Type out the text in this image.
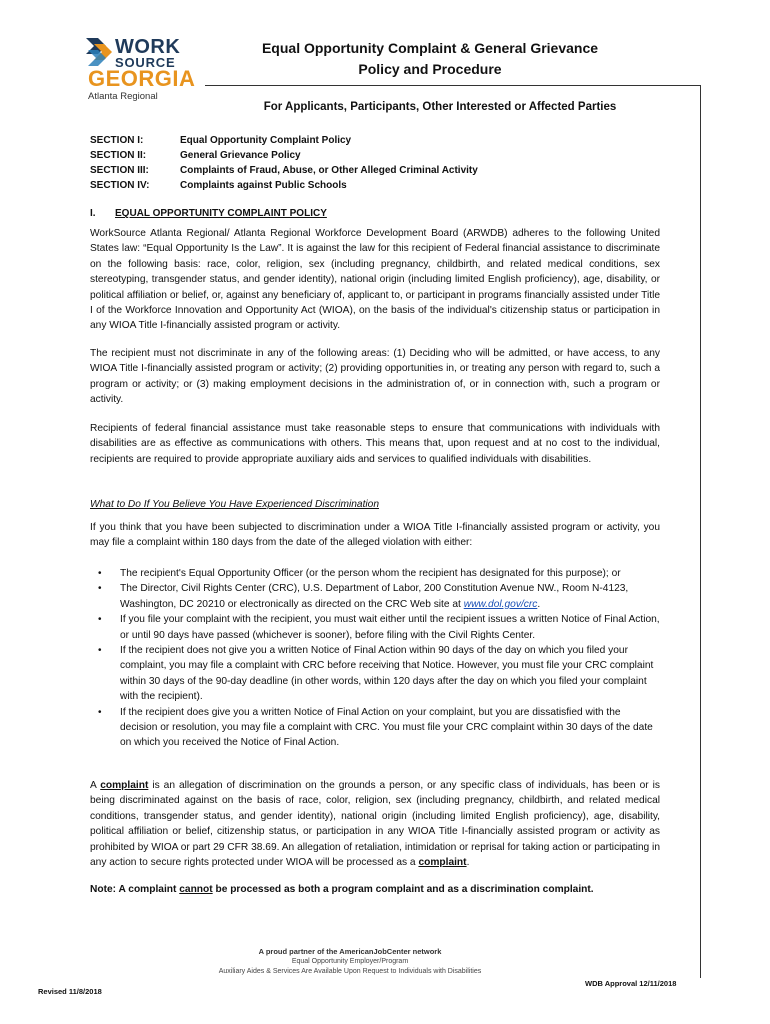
WORK
SOURCE
GEORGIA
Atlanta Regional
Equal Opportunity Complaint & General Grievance
Policy and Procedure
For Applicants, Participants, Other Interested or Affected Parties
SECTION I:	Equal Opportunity Complaint Policy
SECTION II:	General Grievance Policy
SECTION III:	Complaints of Fraud, Abuse, or Other Alleged Criminal Activity
SECTION IV:	Complaints against Public Schools
I. EQUAL OPPORTUNITY COMPLAINT POLICY
WorkSource Atlanta Regional/ Atlanta Regional Workforce Development Board (ARWDB) adheres to the following United States law: “Equal Opportunity Is the Law”. It is against the law for this recipient of Federal financial assistance to discriminate on the following basis: race, color, religion, sex (including pregnancy, childbirth, and related medical conditions, sex stereotyping, transgender status, and gender identity), national origin (including limited English proficiency), age, disability, or political affiliation or belief, or, against any beneficiary of, applicant to, or participant in programs financially assisted under Title I of the Workforce Innovation and Opportunity Act (WIOA), on the basis of the individual's citizenship status or participation in any WIOA Title I-financially assisted program or activity.
The recipient must not discriminate in any of the following areas: (1) Deciding who will be admitted, or have access, to any WIOA Title I-financially assisted program or activity; (2) providing opportunities in, or treating any person with regard to, such a program or activity; or (3) making employment decisions in the administration of, or in connection with, such a program or activity.
Recipients of federal financial assistance must take reasonable steps to ensure that communications with individuals with disabilities are as effective as communications with others. This means that, upon request and at no cost to the individual, recipients are required to provide appropriate auxiliary aids and services to qualified individuals with disabilities.
What to Do If You Believe You Have Experienced Discrimination
If you think that you have been subjected to discrimination under a WIOA Title I-financially assisted program or activity, you may file a complaint within 180 days from the date of the alleged violation with either:
•	The recipient's Equal Opportunity Officer (or the person whom the recipient has designated for this purpose); or
•	The Director, Civil Rights Center (CRC), U.S. Department of Labor, 200 Constitution Avenue NW., Room N-4123, Washington, DC 20210 or electronically as directed on the CRC Web site at www.dol.gov/crc.
•	If you file your complaint with the recipient, you must wait either until the recipient issues a written Notice of Final Action, or until 90 days have passed (whichever is sooner), before filing with the Civil Rights Center.
•	If the recipient does not give you a written Notice of Final Action within 90 days of the day on which you filed your complaint, you may file a complaint with CRC before receiving that Notice. However, you must file your CRC complaint within 30 days of the 90-day deadline (in other words, within 120 days after the day on which you filed your complaint with the recipient).
•	If the recipient does give you a written Notice of Final Action on your complaint, but you are dissatisfied with the decision or resolution, you may file a complaint with CRC. You must file your CRC complaint within 30 days of the date on which you received the Notice of Final Action.
A complaint is an allegation of discrimination on the grounds a person, or any specific class of individuals, has been or is being discriminated against on the basis of race, color, religion, sex (including pregnancy, childbirth, and related medical conditions, transgender status, and gender identity), national origin (including limited English proficiency), age, disability, political affiliation or belief, citizenship status, or participation in any WIOA Title I-financially assisted program or activity as prohibited by WIOA or part 29 CFR 38.69. An allegation of retaliation, intimidation or reprisal for taking action or participating in any action to secure rights protected under WIOA will be processed as a complaint.
Note: A complaint cannot be processed as both a program complaint and as a discrimination complaint.
A proud partner of the AmericanJobCenter network
Equal Opportunity Employer/Program
Auxiliary Aides & Services Are Available Upon Request to Individuals with Disabilities
WDB Approval 12/11/2018
Revised 11/8/2018
